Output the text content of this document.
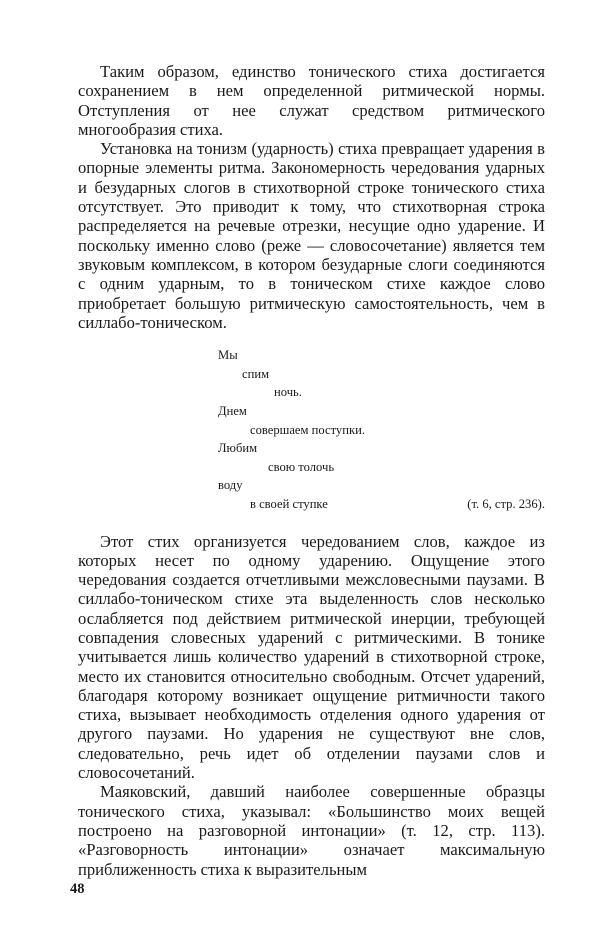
Таким образом, единство тонического стиха достигается сохранением в нем определенной ритмической нормы. Отступления от нее служат средством ритмического многообразия стиха.

Установка на тонизм (ударность) стиха превращает ударения в опорные элементы ритма. Закономерность чередования ударных и безударных слогов в стихотворной строке тонического стиха отсутствует. Это приводит к тому, что стихотворная строка распределяется на речевые отрезки, несущие одно ударение. И поскольку именно слово (реже — словосочетание) является тем звуковым комплексом, в котором безударные слоги соединяются с одним ударным, то в тоническом стихе каждое слово приобретает большую ритмическую самостоятельность, чем в силлабо-тоническом.

Мы
спим
ночь.
Днем
совершаем поступки.
Любим
свою толочь
воду
в своей ступке	(т. 6, стр. 236).

Этот стих организуется чередованием слов, каждое из которых несет по одному ударению. Ощущение этого чередования создается отчетливыми межсловесными паузами. В силлабо-тоническом стихе эта выделенность слов несколько ослабляется под действием ритмической инерции, требующей совпадения словесных ударений с ритмическими. В тонике учитывается лишь количество ударений в стихотворной строке, место их становится относительно свободным. Отсчет ударений, благодаря которому возникает ощущение ритмичности такого стиха, вызывает необходимость отделения одного ударения от другого паузами. Но ударения не существуют вне слов, следовательно, речь идет об отделении паузами слов и словосочетаний.

Маяковский, давший наиболее совершенные образцы тонического стиха, указывал: «Большинство моих вещей построено на разговорной интонации» (т. 12, стр. 113). «Разговорность интонации» означает максимальную приближенность стиха к выразительным

48
